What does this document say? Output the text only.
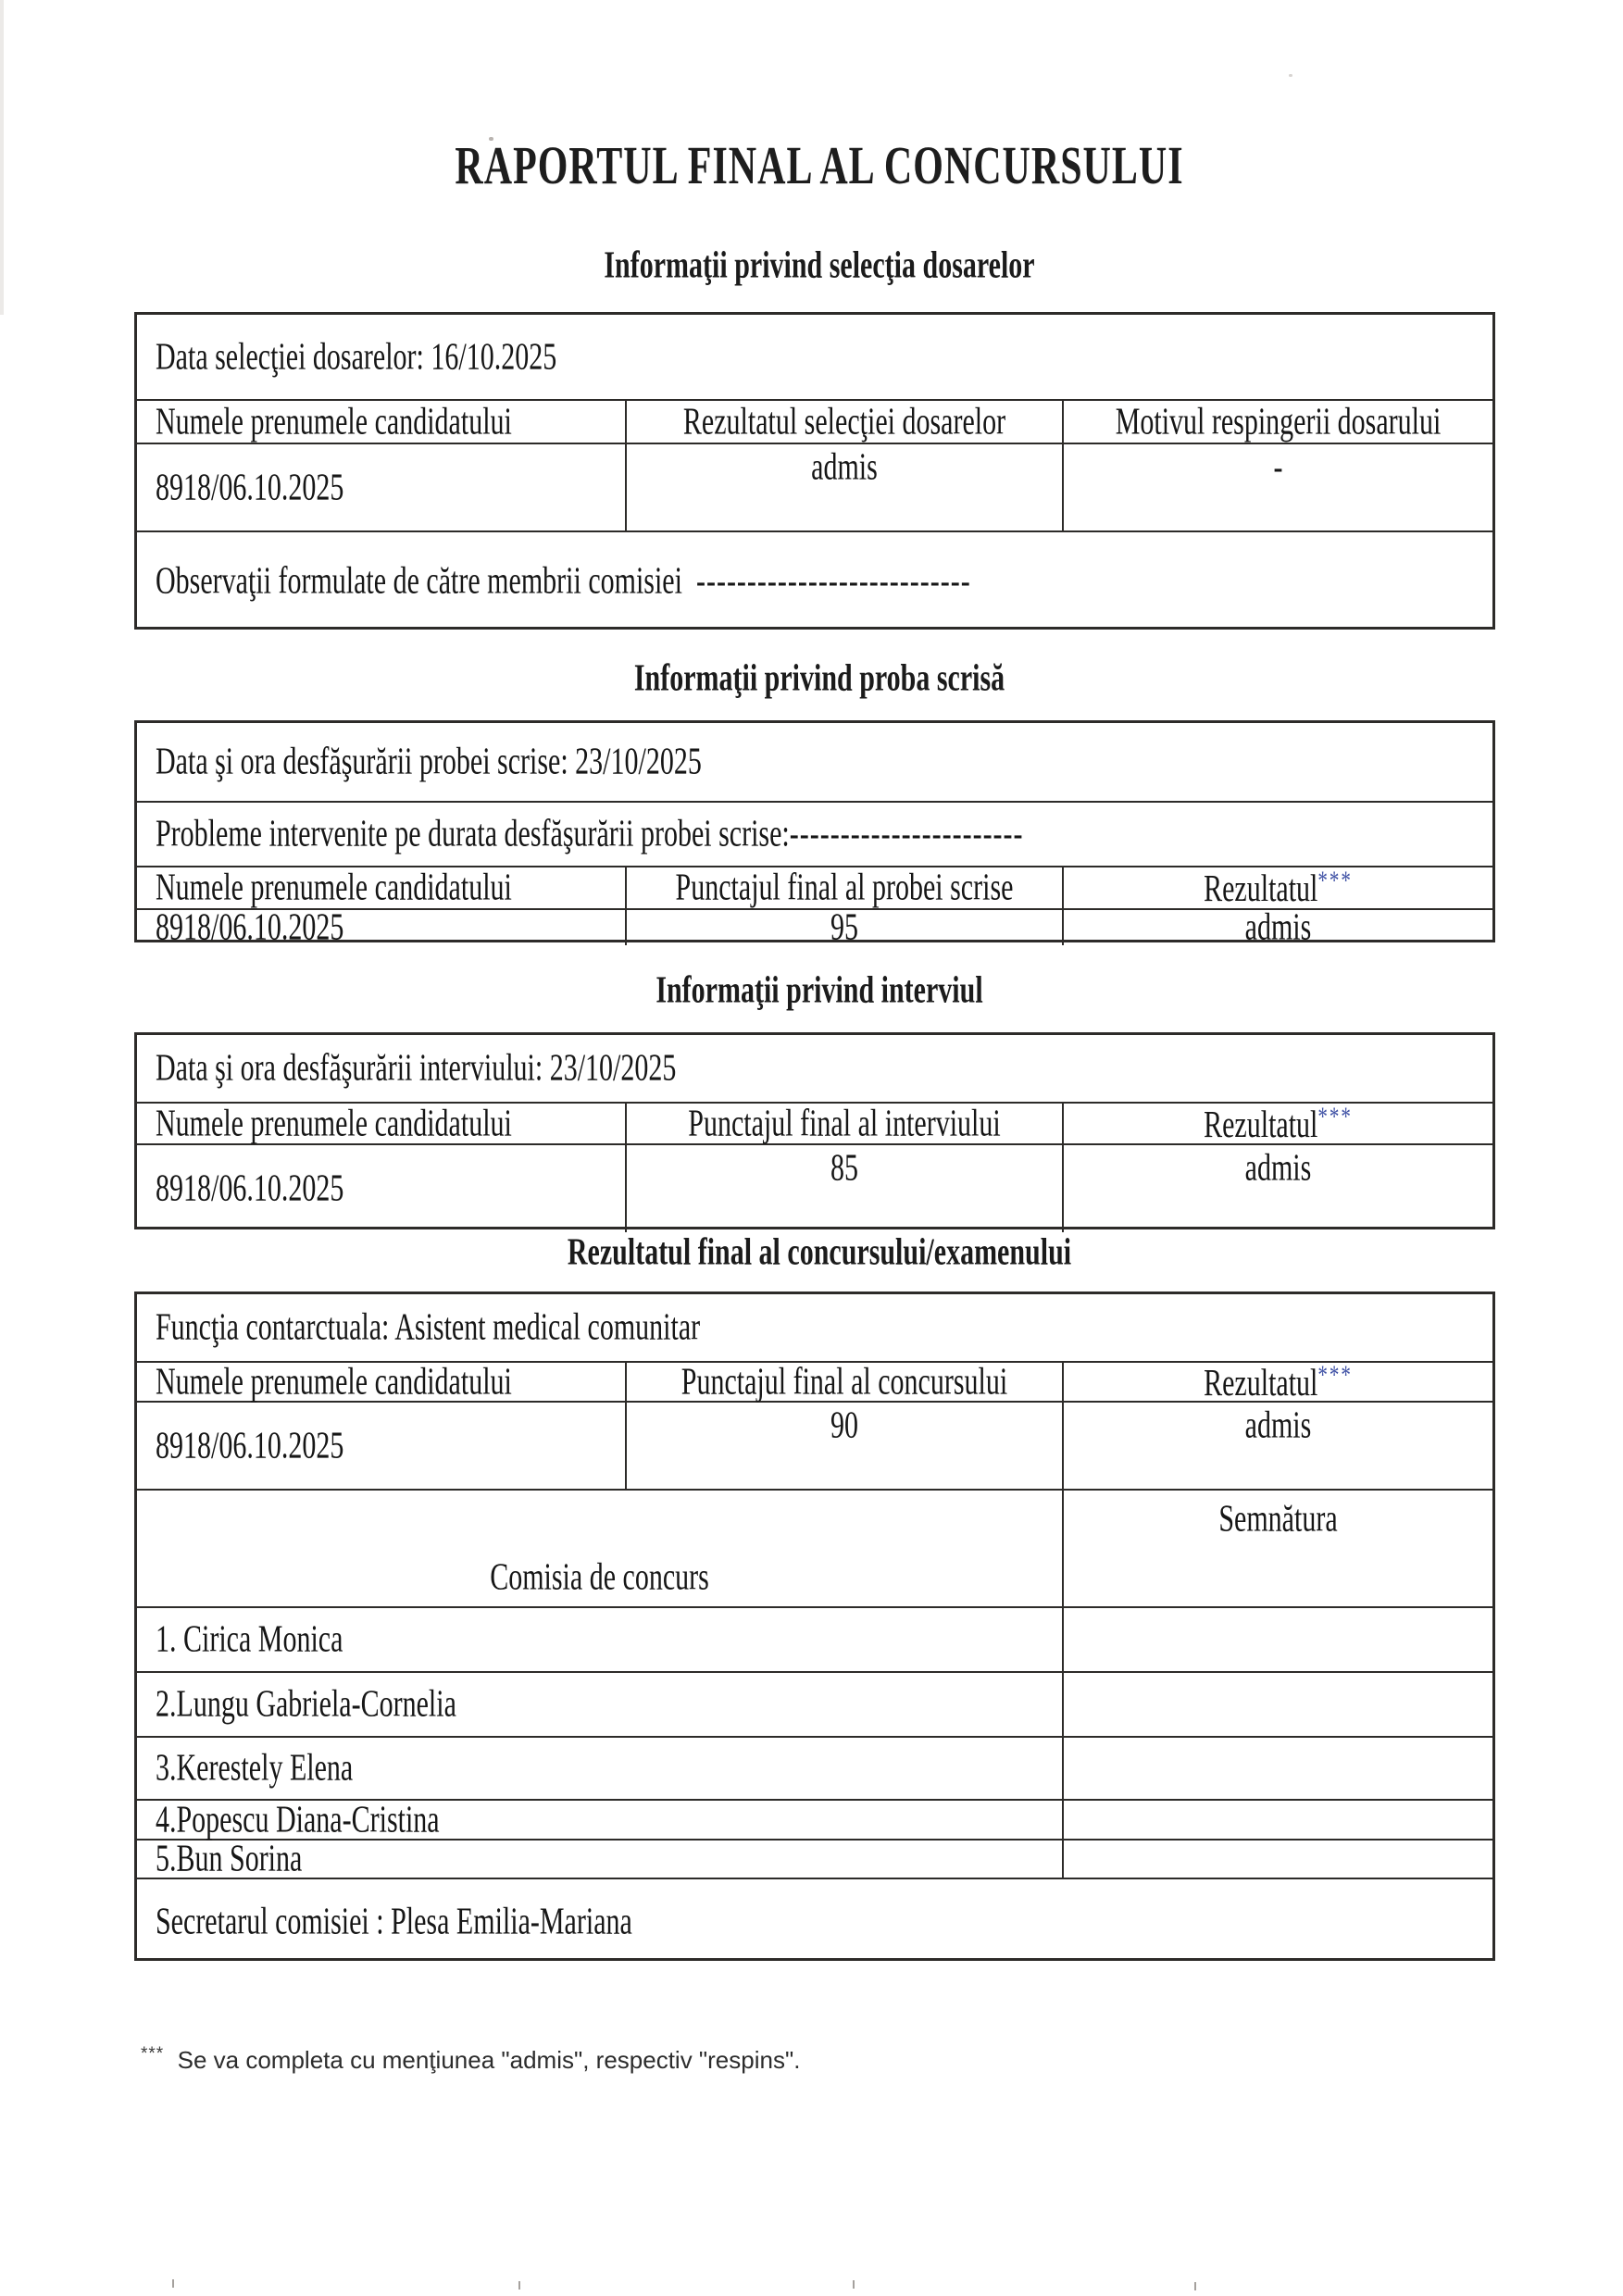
RAPORTUL FINAL AL CONCURSULUI
Informaţii privind selecţia dosarelor
Data selecţiei dosarelor: 16/10.2025
Numele prenumele candidatului	Rezultatul selecţiei dosarelor	Motivul respingerii dosarului
8918/06.10.2025	admis	-
Observaţii formulate de către membrii comisiei ---------------------------
Informaţii privind proba scrisă
Data şi ora desfăşurării probei scrise: 23/10/2025
Probleme intervenite pe durata desfăşurării probei scrise:-----------------------
Numele prenumele candidatului	Punctajul final al probei scrise	Rezultatul***
8918/06.10.2025	95	admis
Informaţii privind interviul
Data şi ora desfăşurării interviului: 23/10/2025
Numele prenumele candidatului	Punctajul final al interviului	Rezultatul***
8918/06.10.2025	85	admis
Rezultatul final al concursului/examenului
Funcţia contarctuala: Asistent medical comunitar
Numele prenumele candidatului	Punctajul final al concursului	Rezultatul***
8918/06.10.2025	90	admis
Comisia de concurs
Semnătura
1. Cirica Monica
2.Lungu Gabriela-Cornelia
3.Kerestely Elena
4.Popescu Diana-Cristina
5.Bun Sorina
Secretarul comisiei : Plesa Emilia-Mariana
*** Se va completa cu menţiunea "admis", respectiv "respins".
